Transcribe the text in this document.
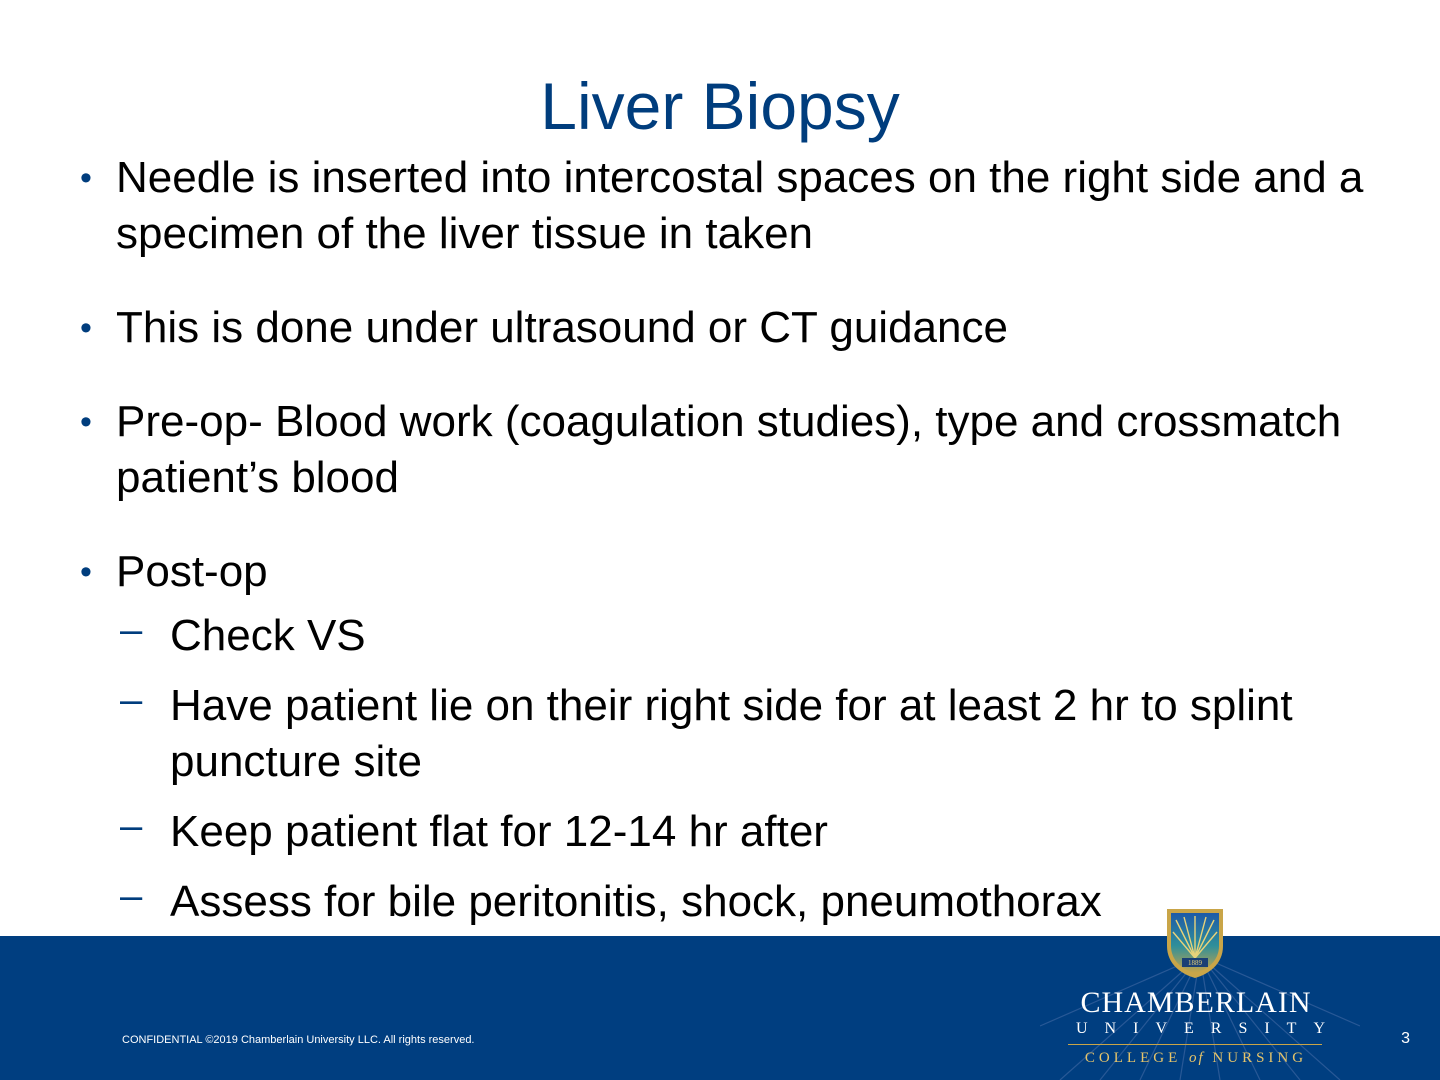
Liver Biopsy
• Needle is inserted into intercostal spaces on the right side and a specimen of the liver tissue in taken
• This is done under ultrasound or CT guidance
• Pre-op- Blood work (coagulation studies), type and crossmatch patient’s blood
• Post-op
– Check VS
– Have patient lie on their right side for at least 2 hr to splint puncture site
– Keep patient flat for 12-14 hr after
– Assess for bile peritonitis, shock, pneumothorax
CONFIDENTIAL ©2019 Chamberlain University LLC. All rights reserved.
CHAMBERLAIN
UNIVERSITY
COLLEGE of NURSING
3
1889
